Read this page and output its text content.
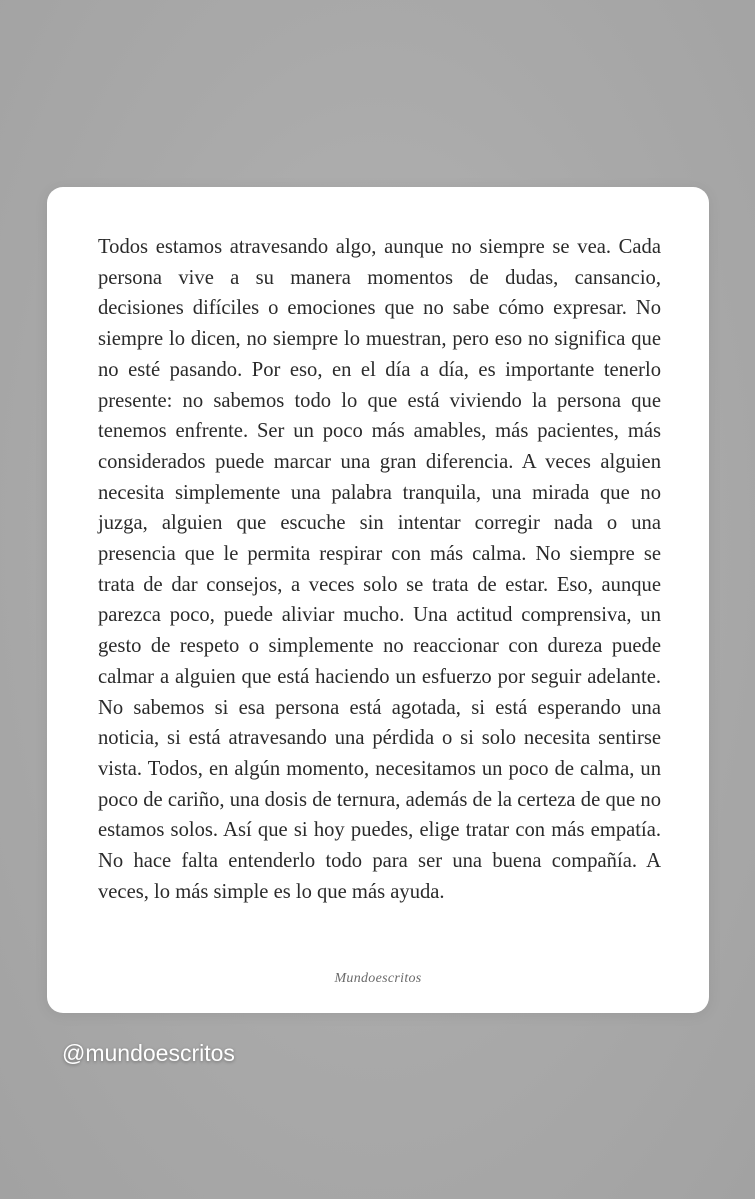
Todos estamos atravesando algo, aunque no siempre se vea. Cada persona vive a su manera momentos de dudas, cansancio, decisiones difíciles o emociones que no sabe cómo expresar. No siempre lo dicen, no siempre lo muestran, pero eso no significa que no esté pasando. Por eso, en el día a día, es importante tenerlo presente: no sabemos todo lo que está viviendo la persona que tenemos enfrente. Ser un poco más amables, más pacientes, más considerados puede marcar una gran diferencia. A veces alguien necesita simplemente una palabra tranquila, una mirada que no juzga, alguien que escuche sin intentar corregir nada o una presencia que le permita respirar con más calma. No siempre se trata de dar consejos, a veces solo se trata de estar. Eso, aunque parezca poco, puede aliviar mucho. Una actitud comprensiva, un gesto de respeto o simplemente no reaccionar con dureza puede calmar a alguien que está haciendo un esfuerzo por seguir adelante. No sabemos si esa persona está agotada, si está esperando una noticia, si está atravesando una pérdida o si solo necesita sentirse vista. Todos, en algún momento, necesitamos un poco de calma, un poco de cariño, una dosis de ternura, además de la certeza de que no estamos solos. Así que si hoy puedes, elige tratar con más empatía. No hace falta entenderlo todo para ser una buena compañía. A veces, lo más simple es lo que más ayuda.

Mundoescritos

@mundoescritos
